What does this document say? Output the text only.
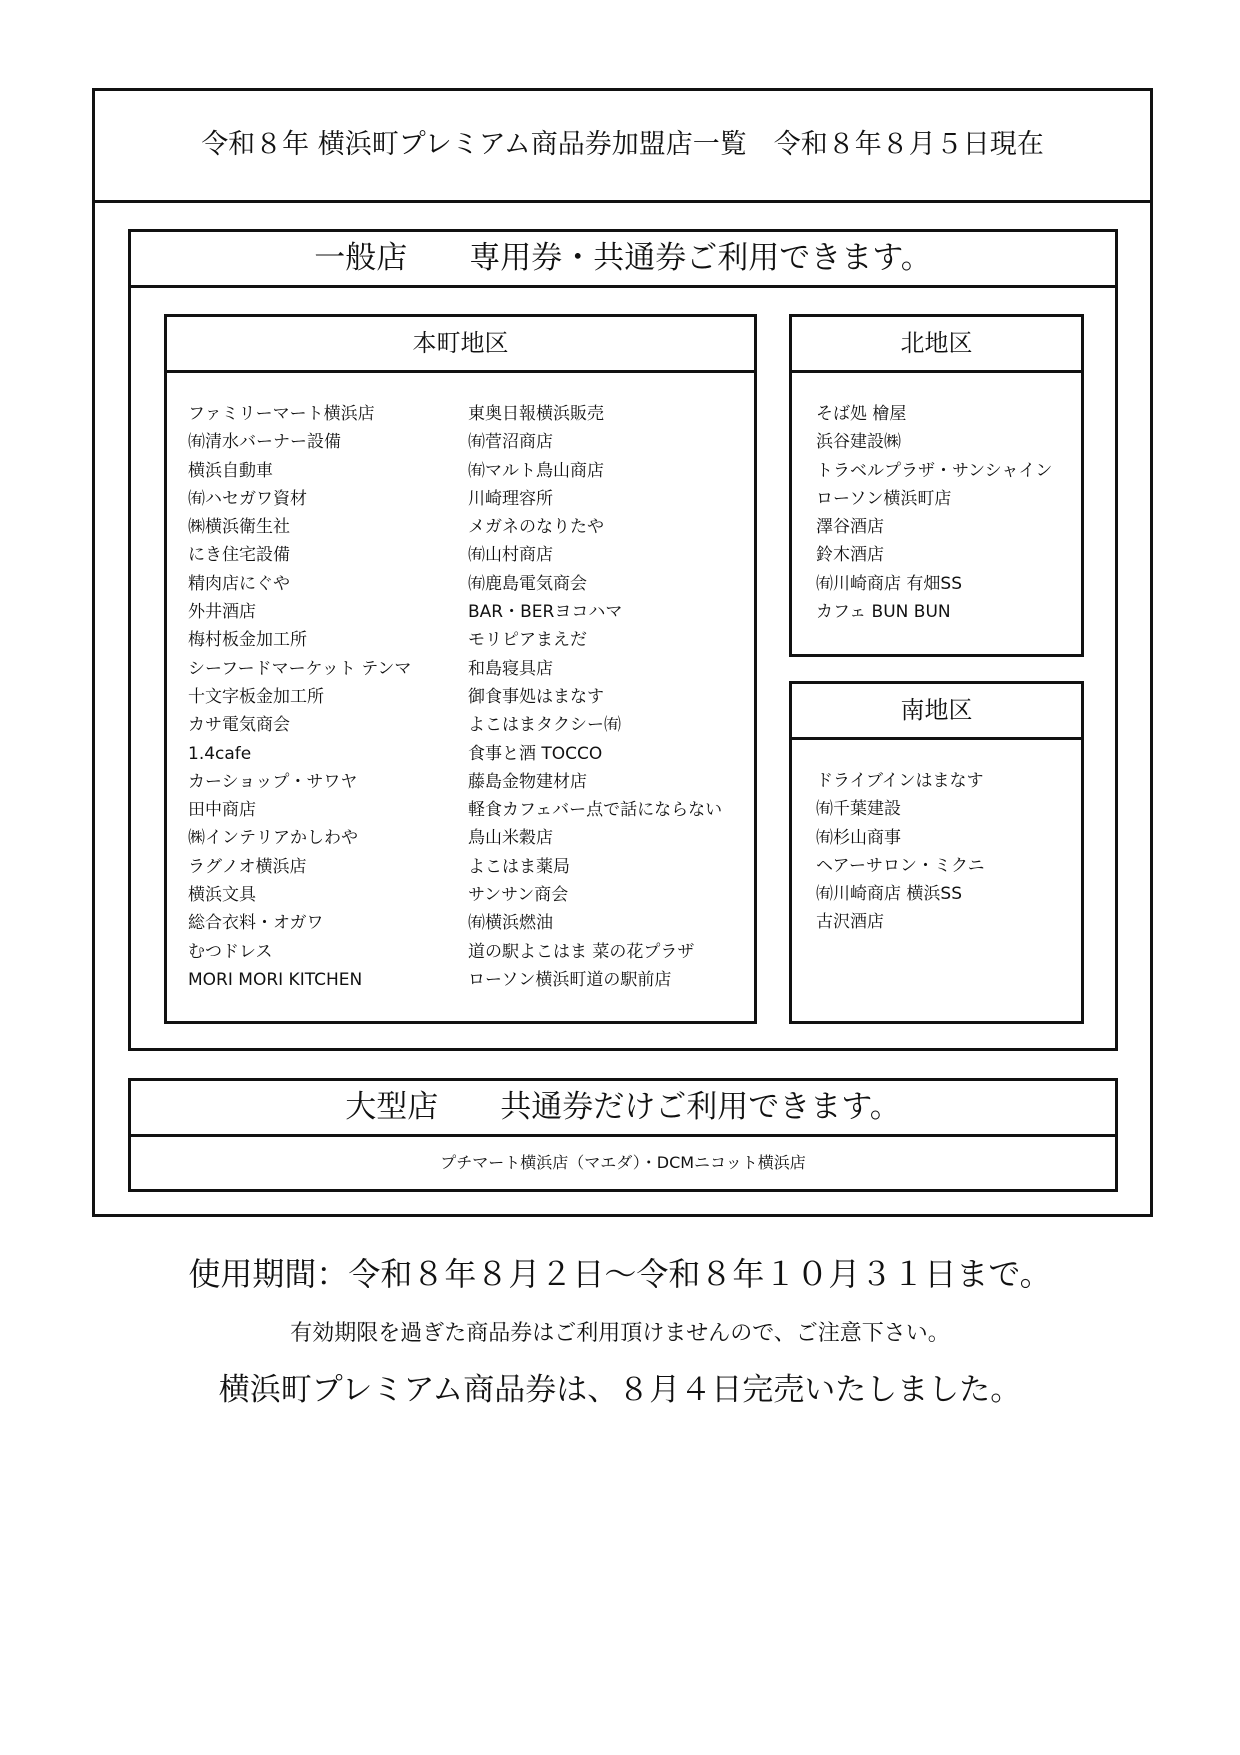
令和８年 横浜町プレミアム商品券加盟店一覧　令和８年８月５日現在
一般店　　専用券・共通券ご利用できます。
本町地区
ファミリーマート横浜店
㈲清水バーナー設備
横浜自動車
㈲ハセガワ資材
㈱横浜衛生社
にき住宅設備
精肉店にぐや
外井酒店
梅村板金加工所
シーフードマーケット テンマ
十文字板金加工所
カサ電気商会
1.4cafe
カーショップ・サワヤ
田中商店
㈱インテリアかしわや
ラグノオ横浜店
横浜文具
総合衣料・オガワ
むつドレス
MORI MORI KITCHEN
東奥日報横浜販売
㈲菅沼商店
㈲マルト鳥山商店
川崎理容所
メガネのなりたや
㈲山村商店
㈲鹿島電気商会
BAR・BERヨコハマ
モリピアまえだ
和島寝具店
御食事処はまなす
よこはまタクシー㈲
食事と酒 TOCCO
藤島金物建材店
軽食カフェバー点で話にならない
鳥山米穀店
よこはま薬局
サンサン商会
㈲横浜燃油
道の駅よこはま 菜の花プラザ
ローソン横浜町道の駅前店
北地区
そば処 檜屋
浜谷建設㈱
トラベルプラザ・サンシャイン
ローソン横浜町店
澤谷酒店
鈴木酒店
㈲川崎商店 有畑SS
カフェ BUN BUN
南地区
ドライブインはまなす
㈲千葉建設
㈲杉山商事
ヘアーサロン・ミクニ
㈲川崎商店 横浜SS
古沢酒店
大型店　　共通券だけご利用できます。
プチマート横浜店（マエダ）・DCMニコット横浜店
使用期間：令和８年８月２日～令和８年１０月３１日まで。
有効期限を過ぎた商品券はご利用頂けませんので、ご注意下さい。
横浜町プレミアム商品券は、８月４日完売いたしました。
